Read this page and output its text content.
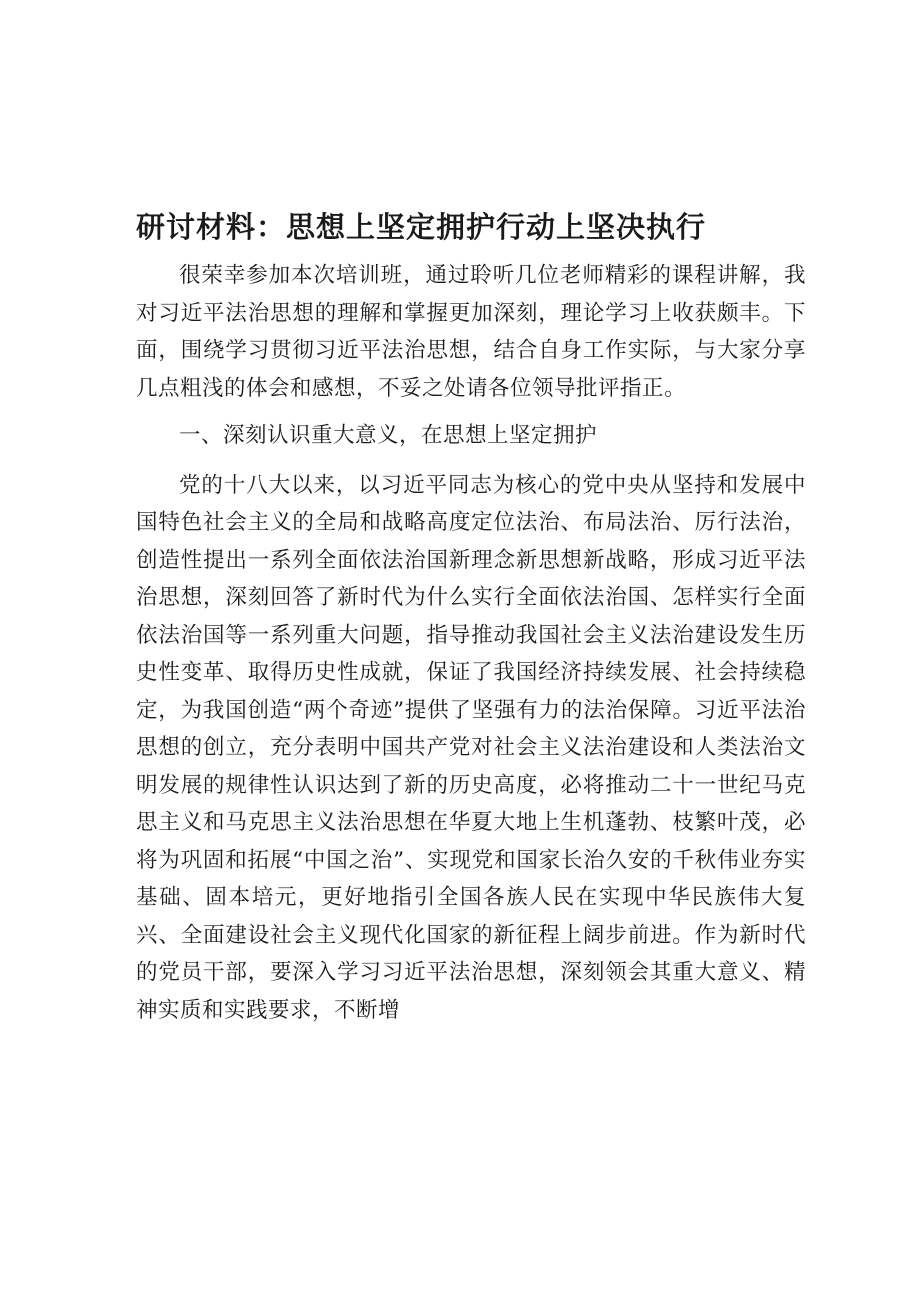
研讨材料：思想上坚定拥护行动上坚决执行

很荣幸参加本次培训班，通过聆听几位老师精彩的课程讲解，我对习近平法治思想的理解和掌握更加深刻，理论学习上收获颇丰。下面，围绕学习贯彻习近平法治思想，结合自身工作实际，与大家分享几点粗浅的体会和感想，不妥之处请各位领导批评指正。

一、深刻认识重大意义，在思想上坚定拥护

党的十八大以来，以习近平同志为核心的党中央从坚持和发展中国特色社会主义的全局和战略高度定位法治、布局法治、厉行法治，创造性提出一系列全面依法治国新理念新思想新战略，形成习近平法治思想，深刻回答了新时代为什么实行全面依法治国、怎样实行全面依法治国等一系列重大问题，指导推动我国社会主义法治建设发生历史性变革、取得历史性成就，保证了我国经济持续发展、社会持续稳定，为我国创造“两个奇迹”提供了坚强有力的法治保障。习近平法治思想的创立，充分表明中国共产党对社会主义法治建设和人类法治文明发展的规律性认识达到了新的历史高度，必将推动二十一世纪马克思主义和马克思主义法治思想在华夏大地上生机蓬勃、枝繁叶茂，必将为巩固和拓展“中国之治”、实现党和国家长治久安的千秋伟业夯实基础、固本培元，更好地指引全国各族人民在实现中华民族伟大复兴、全面建设社会主义现代化国家的新征程上阔步前进。作为新时代的党员干部，要深入学习习近平法治思想，深刻领会其重大意义、精神实质和实践要求，不断增
